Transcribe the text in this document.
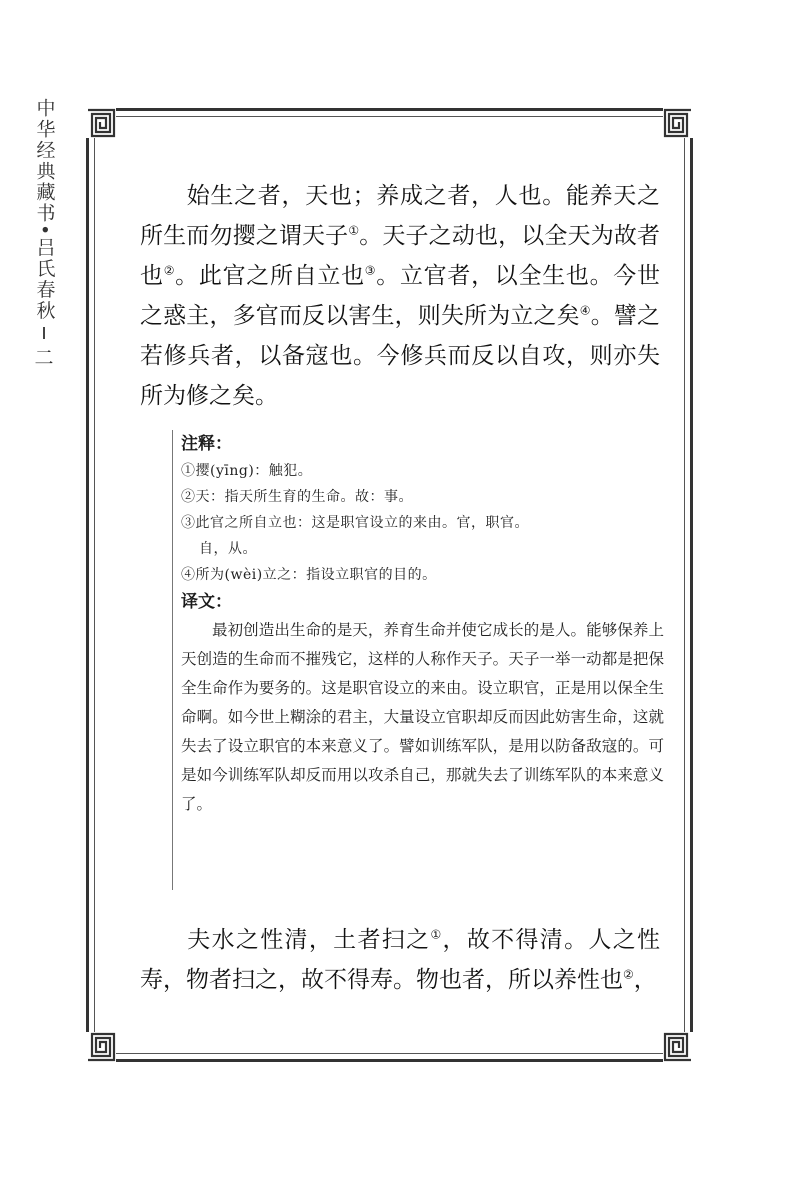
中华经典藏书•吕氏春秋
二

始生之者，天也；养成之者，人也。能养天之所生而勿撄之谓天子①。天子之动也，以全天为故者也②。此官之所自立也③。立官者，以全生也。今世之惑主，多官而反以害生，则失所为立之矣④。譬之若修兵者，以备寇也。今修兵而反以自攻，则亦失所为修之矣。

注释：

①撄(yīng)：触犯。

②天：指天所生育的生命。故：事。

③此官之所自立也：这是职官设立的来由。官，职官。

自，从。

④所为(wèi)立之：指设立职官的目的。

译文：

最初创造出生命的是天，养育生命并使它成长的是人。能够保养上天创造的生命而不摧残它，这样的人称作天子。天子一举一动都是把保全生命作为要务的。这是职官设立的来由。设立职官，正是用以保全生命啊。如今世上糊涂的君主，大量设立官职却反而因此妨害生命，这就失去了设立职官的本来意义了。譬如训练军队，是用以防备敌寇的。可是如今训练军队却反而用以攻杀自己，那就失去了训练军队的本来意义了。

夫水之性清，土者扫之①，故不得清。人之性寿，物者扫之，故不得寿。物也者，所以养性也②，
